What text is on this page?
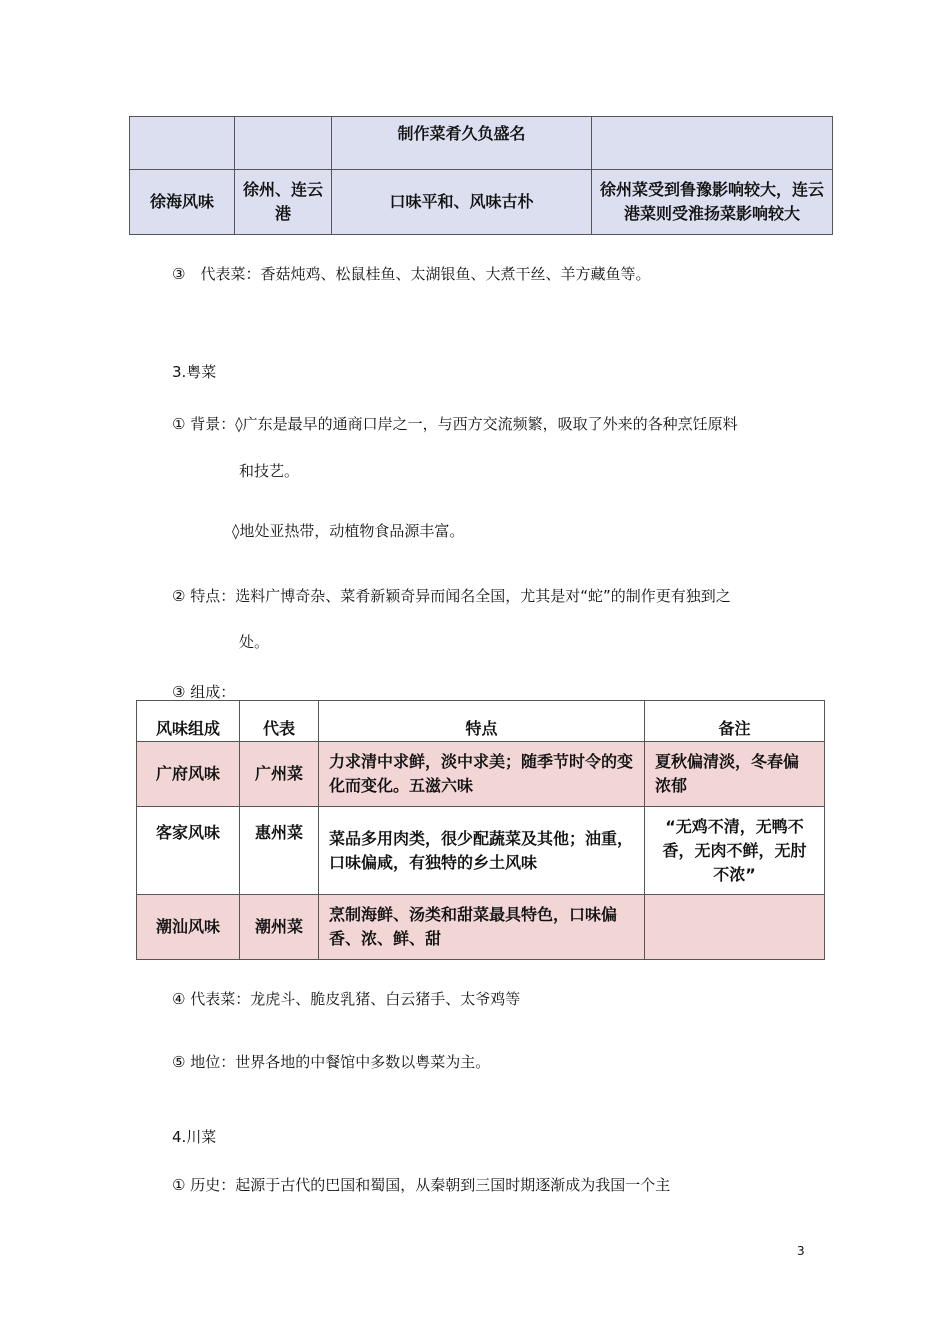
		制作菜肴久负盛名	
徐海风味	徐州、连云港	口味平和、风味古朴	徐州菜受到鲁豫影响较大，连云港菜则受淮扬菜影响较大
③　代表菜：香菇炖鸡、松鼠桂鱼、太湖银鱼、大煮干丝、羊方藏鱼等。
3.粤菜
① 背景：◊广东是最早的通商口岸之一，与西方交流频繁，吸取了外来的各种烹饪原料
和技艺。
◊地处亚热带，动植物食品源丰富。
② 特点：选料广博奇杂、菜肴新颖奇异而闻名全国，尤其是对“蛇”的制作更有独到之
处。
③ 组成：
风味组成	代表	特点	备注
广府风味	广州菜	力求清中求鲜，淡中求美；随季节时令的变化而变化。五滋六味	夏秋偏清淡，冬春偏浓郁
客家风味	惠州菜	菜品多用肉类，很少配蔬菜及其他；油重，口味偏咸，有独特的乡土风味	“无鸡不清，无鸭不香，无肉不鲜，无肘不浓”
潮汕风味	潮州菜	烹制海鲜、汤类和甜菜最具特色，口味偏香、浓、鲜、甜	
④ 代表菜：龙虎斗、脆皮乳猪、白云猪手、太爷鸡等
⑤ 地位：世界各地的中餐馆中多数以粤菜为主。
4.川菜
① 历史：起源于古代的巴国和蜀国，从秦朝到三国时期逐渐成为我国一个主
3
